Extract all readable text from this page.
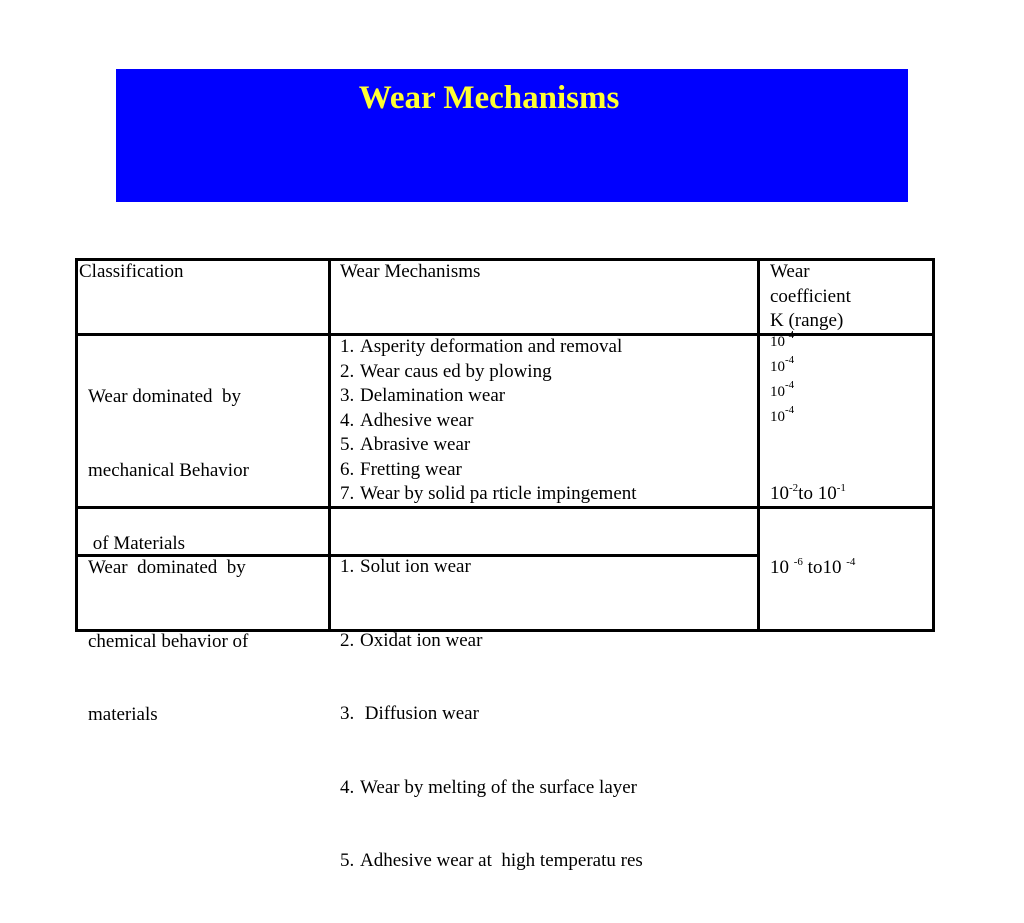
Wear Mechanisms
Classification	Wear Mechanisms	Wear
coefficient
K (range)

Wear dominated  by

mechanical Behavior

of Materials

1. Asperity deformation and removal
2. Wear caus ed by plowing
3. Delamination wear
4. Adhesive wear
5. Abrasive wear
6. Fretting wear
7. Wear by solid pa rticle impingement
$10^{-4}$
$10^{-4}$
$10^{-4}$
$10^{-4}$

$10^{-2}to$ $10^{-1}$

10 $^{-6}$ to10 $^{-4}$

Wear  dominated  by

chemical behavior of

materials

1. Solut ion wear

2. Oxidat ion wear

3. Diffusion wear

4. Wear by melting of the surface layer

5. Adhesive wear at  high temperatu res
